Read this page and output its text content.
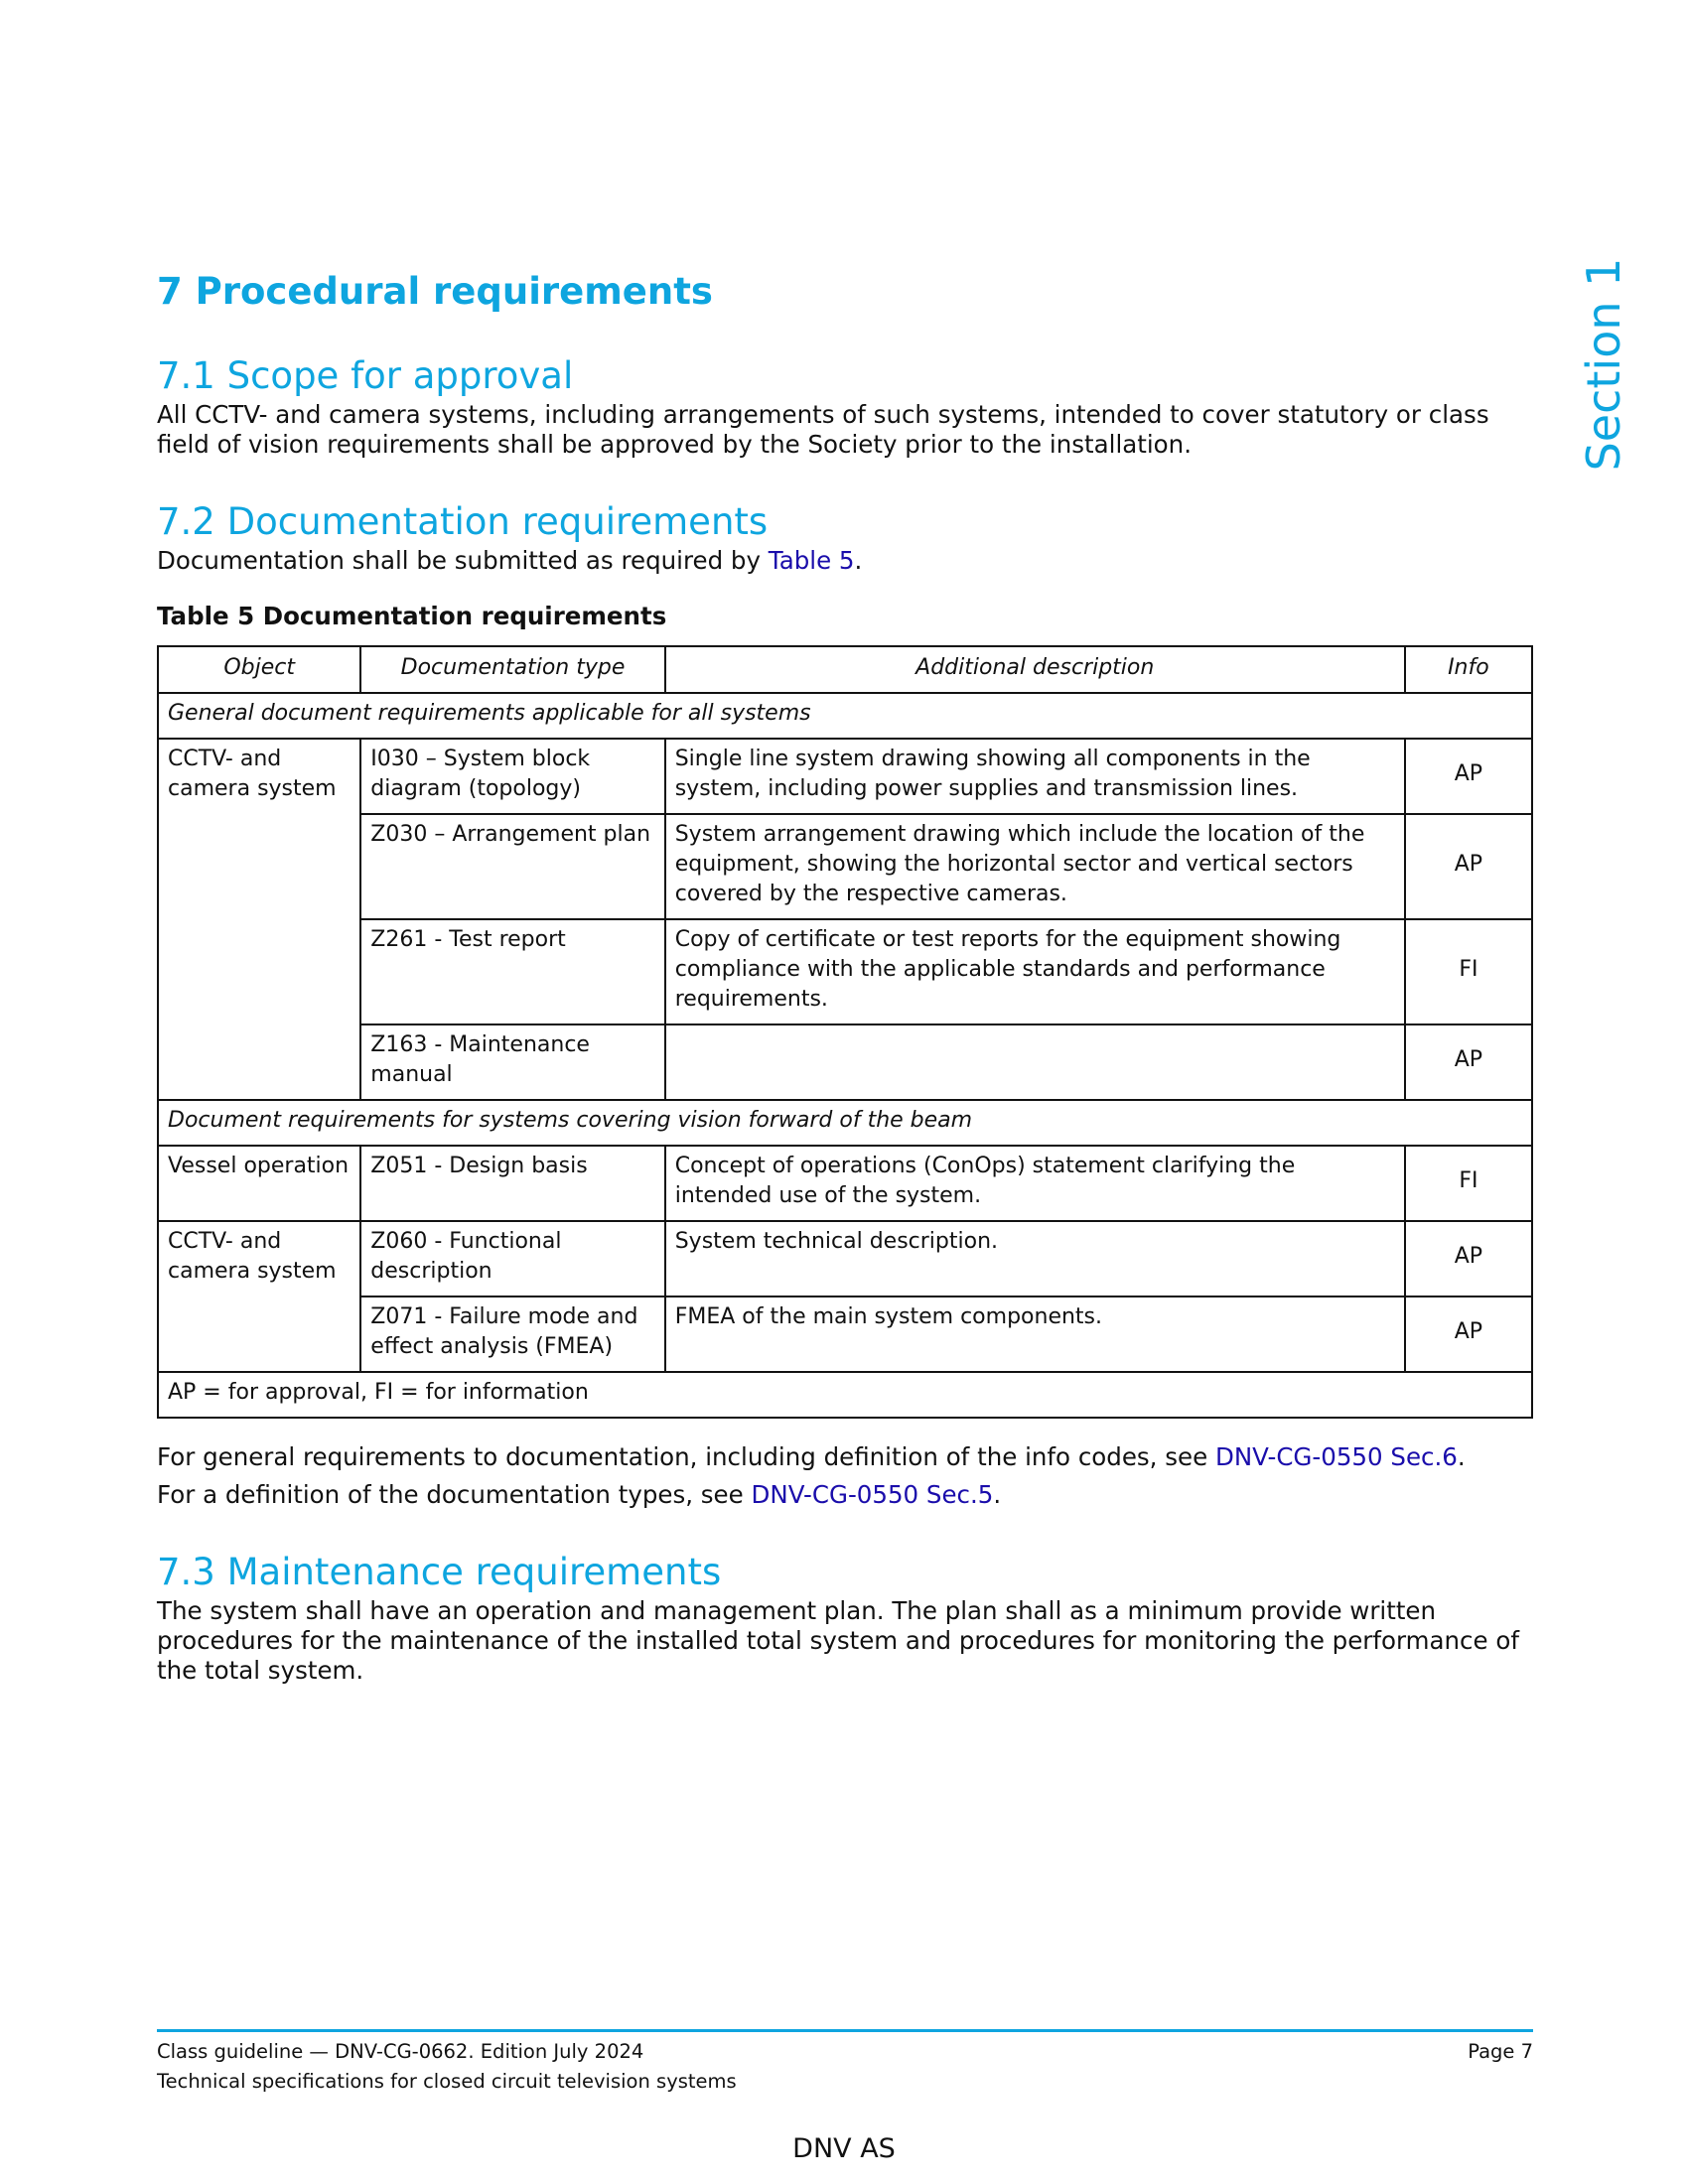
Section 1
7 Procedural requirements
7.1 Scope for approval

All CCTV- and camera systems, including arrangements of such systems, intended to cover statutory or class field of vision requirements shall be approved by the Society prior to the installation.

7.2 Documentation requirements

Documentation shall be submitted as required by Table 5.

Table 5 Documentation requirements

Object	Documentation type	Additional description	Info
General document requirements applicable for all systems			
CCTV- and camera system	I030 – System block diagram (topology)	Single line system drawing showing all components in the system, including power supplies and transmission lines.	AP
	Z030 – Arrangement plan	System arrangement drawing which include the location of the equipment, showing the horizontal sector and vertical sectors covered by the respective cameras.	AP
	Z261 - Test report	Copy of certificate or test reports for the equipment showing compliance with the applicable standards and performance requirements.	FI
	Z163 - Maintenance manual		AP
Document requirements for systems covering vision forward of the beam			
Vessel operation	Z051 - Design basis	Concept of operations (ConOps) statement clarifying the intended use of the system.	FI
CCTV- and camera system	Z060 - Functional description	System technical description.	AP
	Z071 - Failure mode and effect analysis (FMEA)	FMEA of the main system components.	AP
AP = for approval, FI = for information			

For general requirements to documentation, including definition of the info codes, see DNV-CG-0550 Sec.6.

For a definition of the documentation types, see DNV-CG-0550 Sec.5.

7.3 Maintenance requirements

The system shall have an operation and management plan. The plan shall as a minimum provide written procedures for the maintenance of the installed total system and procedures for monitoring the performance of the total system.

Class guideline — DNV-CG-0662. Edition July 2024
Technical specifications for closed circuit television systems
Page 7
DNV AS
